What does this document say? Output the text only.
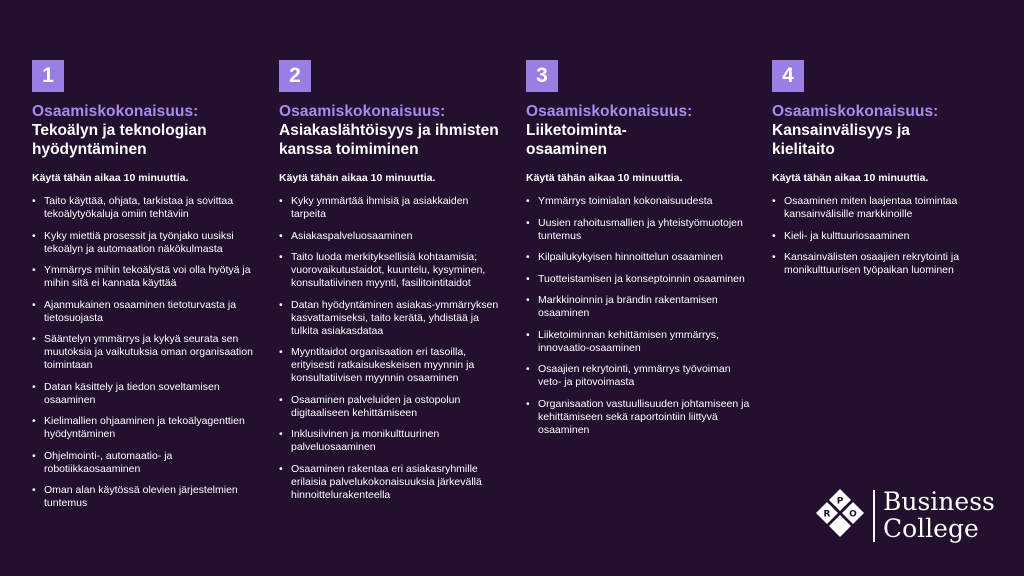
1
Osaamiskokonaisuus:
Tekoälyn ja teknologian hyödyntäminen
Käytä tähän aikaa 10 minuuttia.
• Taito käyttää, ohjata, tarkistaa ja sovittaa tekoälytyökaluja omiin tehtäviin
• Kyky miettiä prosessit ja työnjako uusiksi tekoälyn ja automaation näkökulmasta
• Ymmärrys mihin tekoälystä voi olla hyötyä ja mihin sitä ei kannata käyttää
• Ajanmukainen osaaminen tietoturvasta ja tietosuojasta
• Sääntelyn ymmärrys ja kykyä seurata sen muutoksia ja vaikutuksia oman organisaation toimintaan
• Datan käsittely ja tiedon soveltamisen osaaminen
• Kielimallien ohjaaminen ja tekoälyagenttien hyödyntäminen
• Ohjelmointi-, automaatio- ja robotiikkaosaaminen
• Oman alan käytössä olevien järjestelmien tuntemus
2
Osaamiskokonaisuus:
Asiakaslähtöisyys ja ihmisten kanssa toimiminen
Käytä tähän aikaa 10 minuuttia.
• Kyky ymmärtää ihmisiä ja asiakkaiden tarpeita
• Asiakaspalveluosaaminen
• Taito luoda merkityksellisiä kohtaamisia; vuorovaikutustaidot, kuuntelu, kysyminen, konsultatiivinen myynti, fasilitointitaidot
• Datan hyödyntäminen asiakas-ymmärryksen kasvattamiseksi, taito kerätä, yhdistää ja tulkita asiakasdataa
• Myyntitaidot organisaation eri tasoilla, erityisesti ratkaisukeskeisen myynnin ja konsultatiivisen myynnin osaaminen
• Osaaminen palveluiden ja ostopolun digitaaliseen kehittämiseen
• Inklusiivinen ja monikulttuurinen palveluosaaminen
• Osaaminen rakentaa eri asiakasryhmille erilaisia palvelukokonaisuuksia järkevällä hinnoittelurakenteella
3
Osaamiskokonaisuus:
Liiketoiminta-osaaminen
Käytä tähän aikaa 10 minuuttia.
• Ymmärrys toimialan kokonaisuudesta
• Uusien rahoitusmallien ja yhteistyömuotojen tuntemus
• Kilpailukykyisen hinnoittelun osaaminen
• Tuotteistamisen ja konseptoinnin osaaminen
• Markkinoinnin ja brändin rakentamisen osaaminen
• Liiketoiminnan kehittämisen ymmärrys, innovaatio-osaaminen
• Osaajien rekrytointi, ymmärrys työvoiman veto- ja pitovoimasta
• Organisaation vastuullisuuden johtamiseen ja kehittämiseen sekä raportointiin liittyvä osaaminen
4
Osaamiskokonaisuus:
Kansainvälisyys ja kielitaito
Käytä tähän aikaa 10 minuuttia.
• Osaaminen miten laajentaa toimintaa kansainvälisille markkinoille
• Kieli- ja kulttuuriosaaminen
• Kansainvälisten osaajien rekrytointi ja monikulttuurisen työpaikan luominen
P
R O Business
College
